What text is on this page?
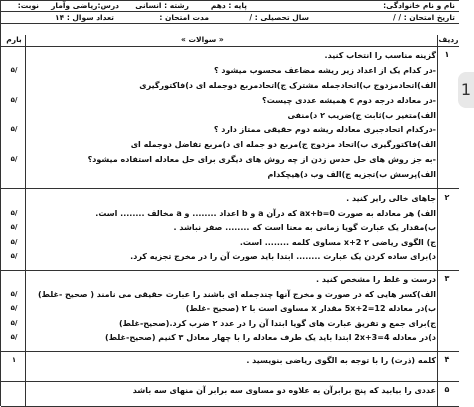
نام و نام خانوادگی:
پایه : دهم
رشته : انسانی
درس:ریاضی وآمار
نوبت:
تاریخ امتحان : / /
سال تحصیلی : /
مدت امتحان :
تعداد سوال : ۱۴
ردیف
« سوالات »
بارم
۱
گزینه مناسب را انتخاب کنید.
-در کدام یک از اعداد زیر ریشه مضاعف محسوب میشود ؟
۵/
الف)اتحادمزدوج ب)اتحادجمله مشترک ج)اتحادمربع دوجمله ای د)فاکتورگیری
-در معادله درجه دوم c همیشه عددی چیست؟
۵/
الف)متغیر ب)ثابت ج)ضریب ۲ د)منفی
-درکدام اتحادجبری معادله ریشه دوم حقیقی ممتاز دارد ؟
۵/
الف)فاکتورگیری ب)اتحاد مزدوج ج)مربع دو جمله ای د)مربع تفاضل دوجمله ای
-به جز روش های حل حدس زدن از چه روش های دیگری برای حل معادله استفاده میشود؟
۵/
الف)پرسش ب)تجزیه ج)الف وب د)هیچکدام
۲
جاهای خالی رایر کنید .
الف) هر معادله به صورت ax+b=0 که درآن a و b اعداد ........ و a مخالف ........ است.
۵/
ب)مقدار یک عبارت گویا زمانی به معنا است که ........ صفر نباشد .
۵/
ج) الگوی ریاضی x+2 ۲ مساوی کلمه ........ است.
۵/
د)برای ساده کردن یک عبارت ........ ابتدا باید صورت آن را در مخرج تجزیه کرد.
۵/
۳
درست و غلط را مشخص کنید .
الف)کسر هایی که در صورت و مخرج آنها چندجمله ای باشند را عبارت حقیقی می نامند ( صحیح -غلط)
۵/
ب)در معادله 5x+2=12 مقدار x مساوی است با ۲ (صحیح -غلط)
۵/
ج)برای جمع و تفریق عبارت های گویا ابتدا آن را در عدد ۲ ضرب کرد.(صحیح-غلط)
۵/
د)در معادله 2x+3=4 ابتدا باید یک طرف معادله را با چهار معادل ۳ کنیم (صحیح-غلط)
۵/
۴
کلمه (ذرت) را با توجه به الگوی ریاضی بنویسید .
۱
۵
عددی را بیابید که پنج برابرآن به علاوه دو مساوی سه برابر آن منهای سه باشد
1
